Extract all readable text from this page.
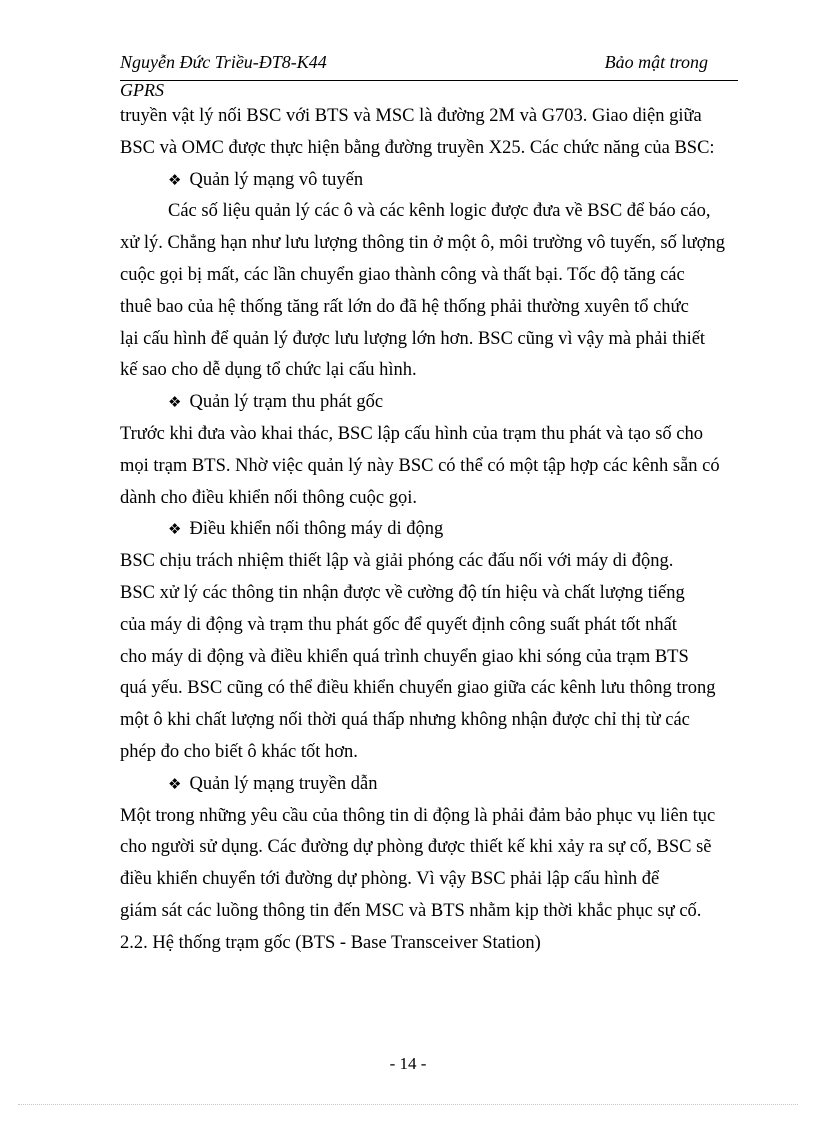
Nguyễn Đức Triều-ĐT8-K44	Bảo mật trong
GPRS
truyền vật lý nối BSC với BTS và MSC là đường 2M và G703. Giao diện giữa
BSC và OMC được thực hiện bằng đường truyền X25. Các chức năng của BSC:
❖ Quản lý mạng vô tuyến
Các số liệu quản lý các ô và các kênh logic được đưa về BSC để báo cáo,
xử lý. Chẳng hạn như lưu lượng thông tin ở một ô, môi trường vô tuyến, số lượng
cuộc gọi bị mất, các lần chuyển giao thành công và thất bại. Tốc độ tăng các
thuê bao của hệ thống tăng rất lớn do đã hệ thống phải thường xuyên tổ chức
lại cấu hình để quản lý được lưu lượng lớn hơn. BSC cũng vì vậy mà phải thiết
kế sao cho dễ dụng tổ chức lại cấu hình.
❖ Quản lý trạm thu phát gốc
Trước khi đưa vào khai thác, BSC lập cấu hình của trạm thu phát và tạo số cho
mọi trạm BTS. Nhờ việc quản lý này BSC có thể có một tập hợp các kênh sẵn có
dành cho điều khiển nối thông cuộc gọi.
❖ Điều khiển nối thông máy di động
BSC chịu trách nhiệm thiết lập và giải phóng các đấu nối với máy di động.
BSC xử lý các thông tin nhận được về cường độ tín hiệu và chất lượng tiếng
của máy di động và trạm thu phát gốc để quyết định công suất phát tốt nhất
cho máy di động và điều khiển quá trình chuyển giao khi sóng của trạm BTS
quá yếu. BSC cũng có thể điều khiển chuyển giao giữa các kênh lưu thông trong
một ô khi chất lượng nối thời quá thấp nhưng không nhận được chỉ thị từ các
phép đo cho biết ô khác tốt hơn.
❖ Quản lý mạng truyền dẫn
Một trong những yêu cầu của thông tin di động là phải đảm bảo phục vụ liên tục
cho người sử dụng. Các đường dự phòng được thiết kế khi xảy ra sự cố, BSC sẽ
điều khiển chuyển tới đường dự phòng. Vì vậy BSC phải lập cấu hình để
giám sát các luồng thông tin đến MSC và BTS nhằm kịp thời khắc phục sự cố.
2.2. Hệ thống trạm gốc (BTS - Base Transceiver Station)
- 14 -
